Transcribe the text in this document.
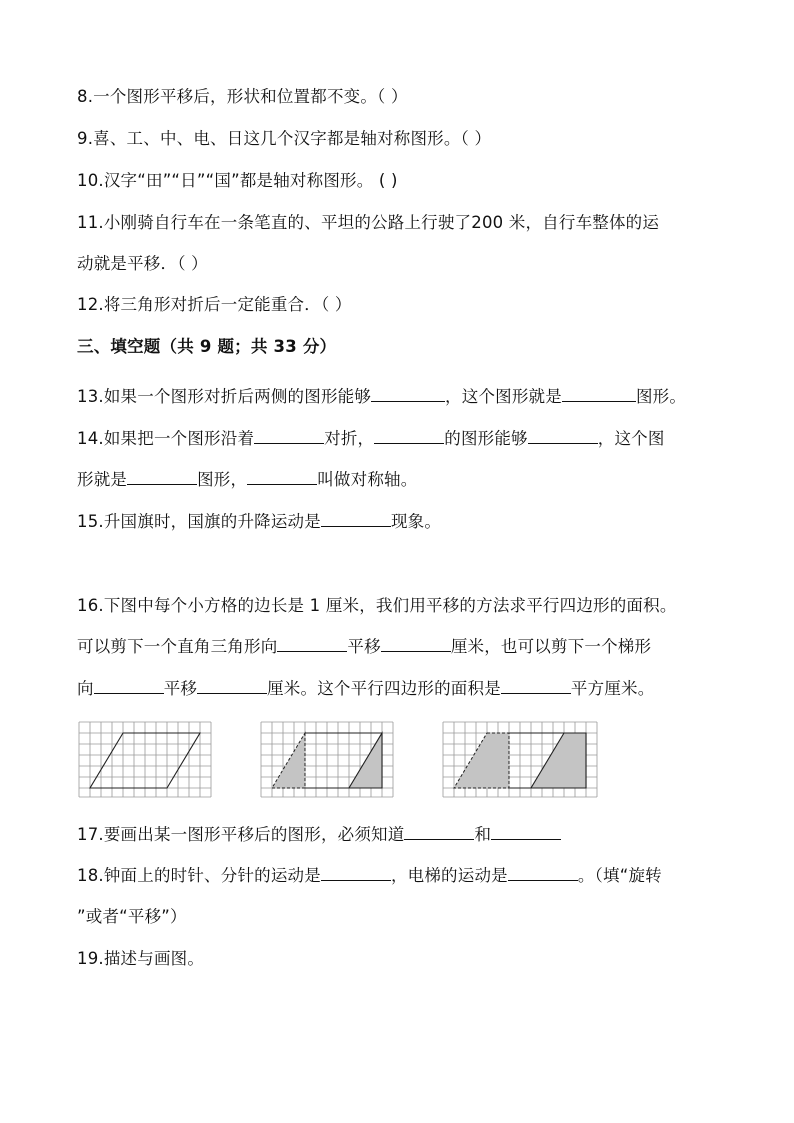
8.一个图形平移后，形状和位置都不变。（ ）
9.喜、工、中、电、日这几个汉字都是轴对称图形。（ ）
10.汉字“田”“日”“国”都是轴对称图形。 ( )
11.小刚骑自行车在一条笔直的、平坦的公路上行驶了200 米，自行车整体的运
动就是平移．（ ）
12.将三角形对折后一定能重合．（ ）
三、填空题（共 9 题；共 33 分）
13.如果一个图形对折后两侧的图形能够	，这个图形就是	图形。
14.如果把一个图形沿着	对折，	的图形能够	，这个图
形就是	图形，	叫做对称轴。
15.升国旗时，国旗的升降运动是	现象。
16.下图中每个小方格的边长是 1 厘米，我们用平移的方法求平行四边形的面积。
可以剪下一个直角三角形向	平移	厘米，也可以剪下一个梯形
向	平移	厘米。这个平行四边形的面积是	平方厘米。
17.要画出某一图形平移后的图形，必须知道	和
18.钟面上的时针、分针的运动是	，电梯的运动是	。（填“旋转
”或者“平移”）
19.描述与画图。
